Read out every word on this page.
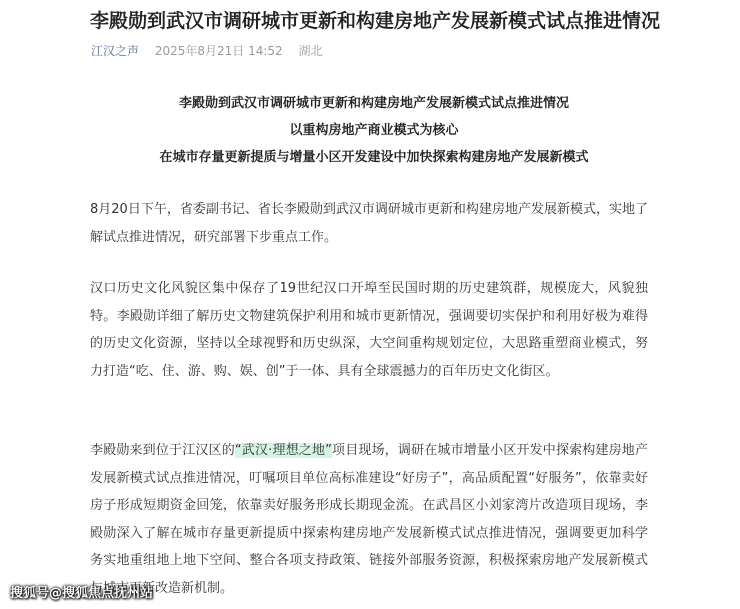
李殿勋到武汉市调研城市更新和构建房地产发展新模式试点推进情况
江汉之声 2025年8月21日 14:52 湖北
李殿勋到武汉市调研城市更新和构建房地产发展新模式试点推进情况
以重构房地产商业模式为核心
在城市存量更新提质与增量小区开发建设中加快探索构建房地产发展新模式

8月20日下午，省委副书记、省长李殿勋到武汉市调研城市更新和构建房地产发展新模式，实地了解试点推进情况，研究部署下步重点工作。

汉口历史文化风貌区集中保存了19世纪汉口开埠至民国时期的历史建筑群，规模庞大，风貌独特。李殿勋详细了解历史文物建筑保护利用和城市更新情况，强调要切实保护和利用好极为难得的历史文化资源，坚持以全球视野和历史纵深，大空间重构规划定位，大思路重塑商业模式，努力打造“吃、住、游、购、娱、创”于一体、具有全球震撼力的百年历史文化街区。

李殿勋来到位于江汉区的“武汉·理想之地”项目现场，调研在城市增量小区开发中探索构建房地产发展新模式试点推进情况，叮嘱项目单位高标准建设“好房子”，高品质配置“好服务”，依靠卖好房子形成短期资金回笼，依靠卖好服务形成长期现金流。在武昌区小刘家湾片改造项目现场，李殿勋深入了解在城市存量更新提质中探索构建房地产发展新模式试点推进情况，强调要更加科学务实地重组地上地下空间、整合各项支持政策、链接外部服务资源，积极探索房地产发展新模式与城市更新改造新机制。

搜狐号@搜狐焦点抚州站
